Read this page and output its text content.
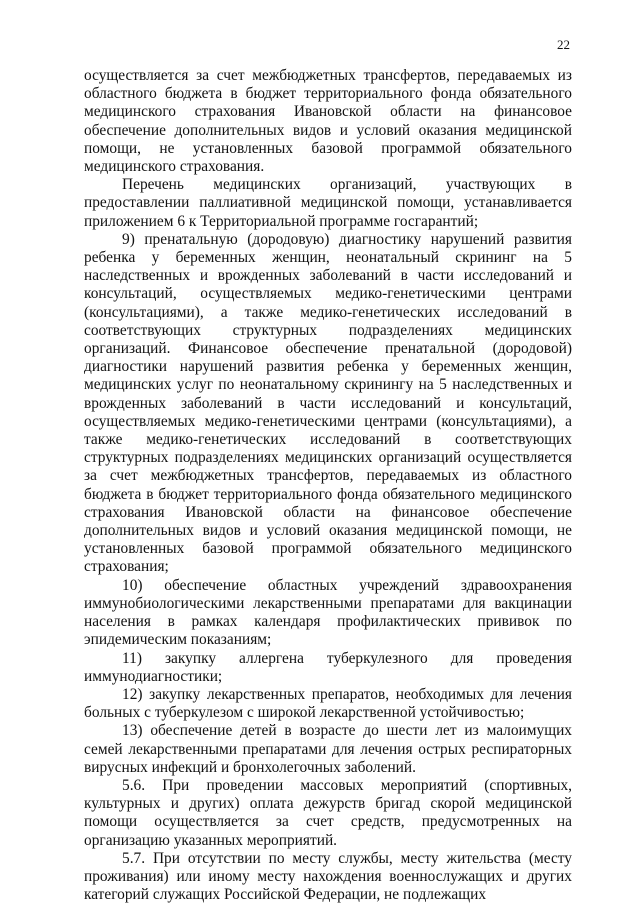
22

осуществляется за счет межбюджетных трансфертов, передаваемых из областного бюджета в бюджет территориального фонда обязательного медицинского страхования Ивановской области на финансовое обеспечение дополнительных видов и условий оказания медицинской помощи, не установленных базовой программой обязательного медицинского страхования.

Перечень медицинских организаций, участвующих в предоставлении паллиативной медицинской помощи, устанавливается приложением 6 к Территориальной программе госгарантий;

9) пренатальную (дородовую) диагностику нарушений развития ребенка у беременных женщин, неонатальный скрининг на 5 наследственных и врожденных заболеваний в части исследований и консультаций, осуществляемых медико-генетическими центрами (консультациями), а также медико-генетических исследований в соответствующих структурных подразделениях медицинских организаций. Финансовое обеспечение пренатальной (дородовой) диагностики нарушений развития ребенка у беременных женщин, медицинских услуг по неонатальному скринингу на 5 наследственных и врожденных заболеваний в части исследований и консультаций, осуществляемых медико-генетическими центрами (консультациями), а также медико-генетических исследований в соответствующих структурных подразделениях медицинских организаций осуществляется за счет межбюджетных трансфертов, передаваемых из областного бюджета в бюджет территориального фонда обязательного медицинского страхования Ивановской области на финансовое обеспечение дополнительных видов и условий оказания медицинской помощи, не установленных базовой программой обязательного медицинского страхования;

10) обеспечение областных учреждений здравоохранения иммунобиологическими лекарственными препаратами для вакцинации населения в рамках календаря профилактических прививок по эпидемическим показаниям;

11) закупку аллергена туберкулезного для проведения иммунодиагностики;

12) закупку лекарственных препаратов, необходимых для лечения больных с туберкулезом с широкой лекарственной устойчивостью;

13) обеспечение детей в возрасте до шести лет из малоимущих семей лекарственными препаратами для лечения острых респираторных вирусных инфекций и бронхолегочных заболений.

5.6. При проведении массовых мероприятий (спортивных, культурных и других) оплата дежурств бригад скорой медицинской помощи осуществляется за счет средств, предусмотренных на организацию указанных мероприятий.

5.7. При отсутствии по месту службы, месту жительства (месту проживания) или иному месту нахождения военнослужащих и других категорий служащих Российской Федерации, не подлежащих
